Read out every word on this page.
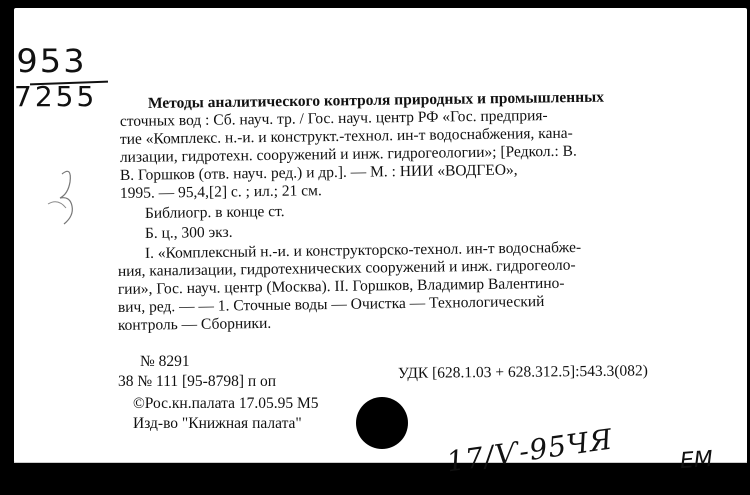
953
7255	Методы аналитического контроля природных и промышленных
сточных вод : Сб. науч. тр. / Гос. науч. центр РФ «Гос. предприя-
тие «Комплекс. н.-и. и конструкт.-технол. ин-т водоснабжения, кана-
лизации, гидротехн. сооружений и инж. гидрогеологии»; [Редкол.: В.
В. Горшков (отв. науч. ред.) и др.]. — М. : НИИ «ВОДГЕО»,
1995. — 95,4,[2] с. ; ил.; 21 см.
Библиогр. в конце ст.
Б. ц., 300 экз.
I. «Комплексный н.-и. и конструкторско-технол. ин-т водоснабже-
ния, канализации, гидротехнических сооружений и инж. гидрогеоло-
гии», Гос. науч. центр (Москва). II. Горшков, Владимир Валентино-
вич, ред. — — 1. Сточные воды — Очистка — Технологический
контроль — Сборники.
№ 8291
38 № 111 [95-8798] п оп	УДК [628.1.03 + 628.312.5]:543.3(082)
©Рос.кн.палата 17.05.95 М5
Изд-во "Книжная палата"	17/Ѵ-95ЧЯ	ЕМ
